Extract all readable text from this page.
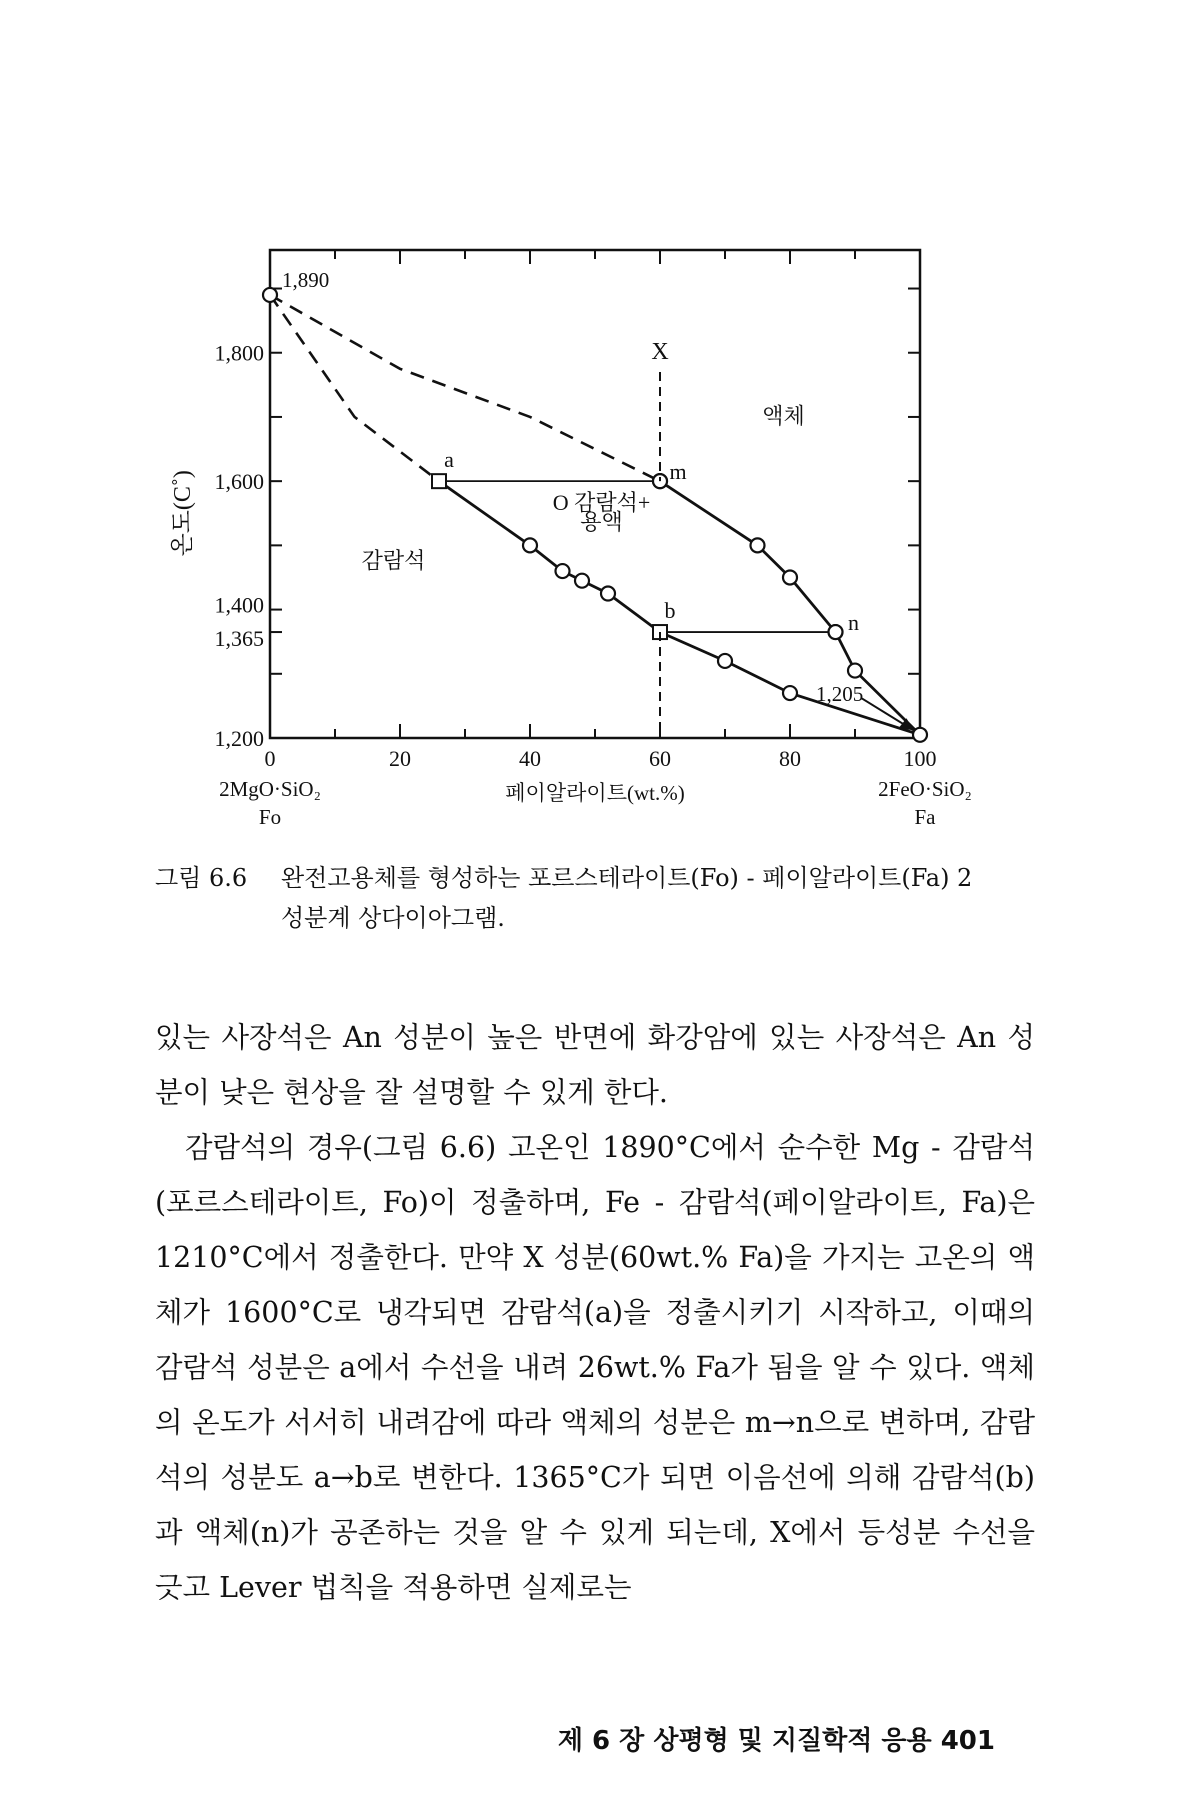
0	20	40	60	80	100
1,200
1,365
1,400
1,600
1,800
2MgO·SiO₂
Fo
2FeO·SiO₂
Fa
페이알라이트(wt.%)
온도(C˚)
a	m
b	n
X
1,890
1,205
액체
O 감람석+
용액
감람석
그림 6.6 완전고용체를 형성하는 포르스테라이트(Fo) - 페이알라이트(Fa) 2
성분계 상다이아그램.

있는 사장석은 An 성분이 높은 반면에 화강암에 있는 사장석은 An 성분이 낮은 현상을 잘 설명할 수 있게 한다.

감람석의 경우(그림 6.6) 고온인 1890°C에서 순수한 Mg - 감람석(포르스테라이트, Fo)이 정출하며, Fe - 감람석(페이알라이트, Fa)은 1210°C에서 정출한다. 만약 X 성분(60wt.% Fa)을 가지는 고온의 액체가 1600°C로 냉각되면 감람석(a)을 정출시키기 시작하고, 이때의 감람석 성분은 a에서 수선을 내려 26wt.% Fa가 됨을 알 수 있다. 액체의 온도가 서서히 내려감에 따라 액체의 성분은 m→n으로 변하며, 감람석의 성분도 a→b로 변한다. 1365°C가 되면 이음선에 의해 감람석(b)과 액체(n)가 공존하는 것을 알 수 있게 되는데, X에서 등성분 수선을 긋고 Lever 법칙을 적용하면 실제로는

제 6 장 상평형 및 지질학적 응용 401
